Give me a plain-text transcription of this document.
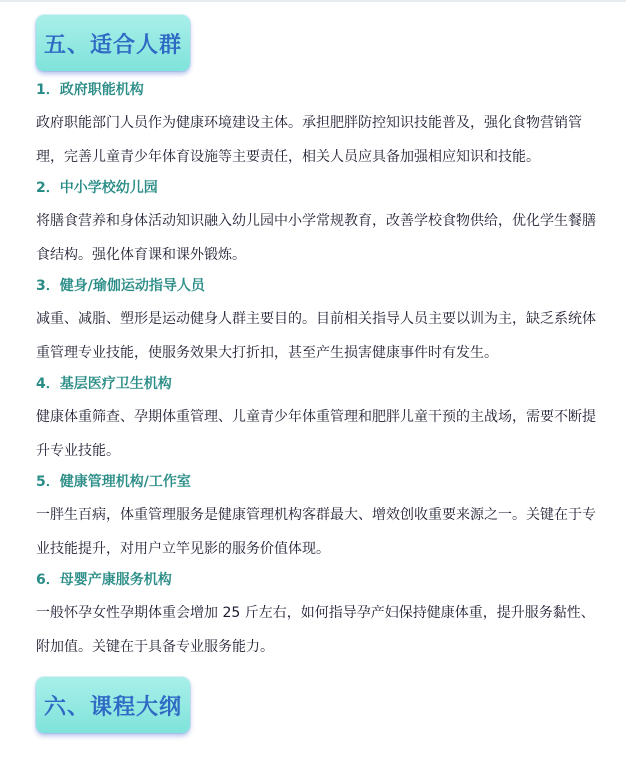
五、适合人群
1．政府职能机构

政府职能部门人员作为健康环境建设主体。承担肥胖防控知识技能普及，强化食物营销管理，完善儿童青少年体育设施等主要责任，相关人员应具备加强相应知识和技能。

2．中小学校幼儿园

将膳食营养和身体活动知识融入幼儿园中小学常规教育，改善学校食物供给，优化学生餐膳食结构。强化体育课和课外锻炼。

3．健身/瑜伽运动指导人员

减重、减脂、塑形是运动健身人群主要目的。目前相关指导人员主要以训为主，缺乏系统体重管理专业技能，使服务效果大打折扣，甚至产生损害健康事件时有发生。

4．基层医疗卫生机构

健康体重筛查、孕期体重管理、儿童青少年体重管理和肥胖儿童干预的主战场，需要不断提升专业技能。

5．健康管理机构/工作室

一胖生百病，体重管理服务是健康管理机构客群最大、增效创收重要来源之一。关键在于专业技能提升，对用户立竿见影的服务价值体现。

6．母婴产康服务机构

一般怀孕女性孕期体重会增加 25 斤左右，如何指导孕产妇保持健康体重，提升服务黏性、附加值。关键在于具备专业服务能力。

六、课程大纲
